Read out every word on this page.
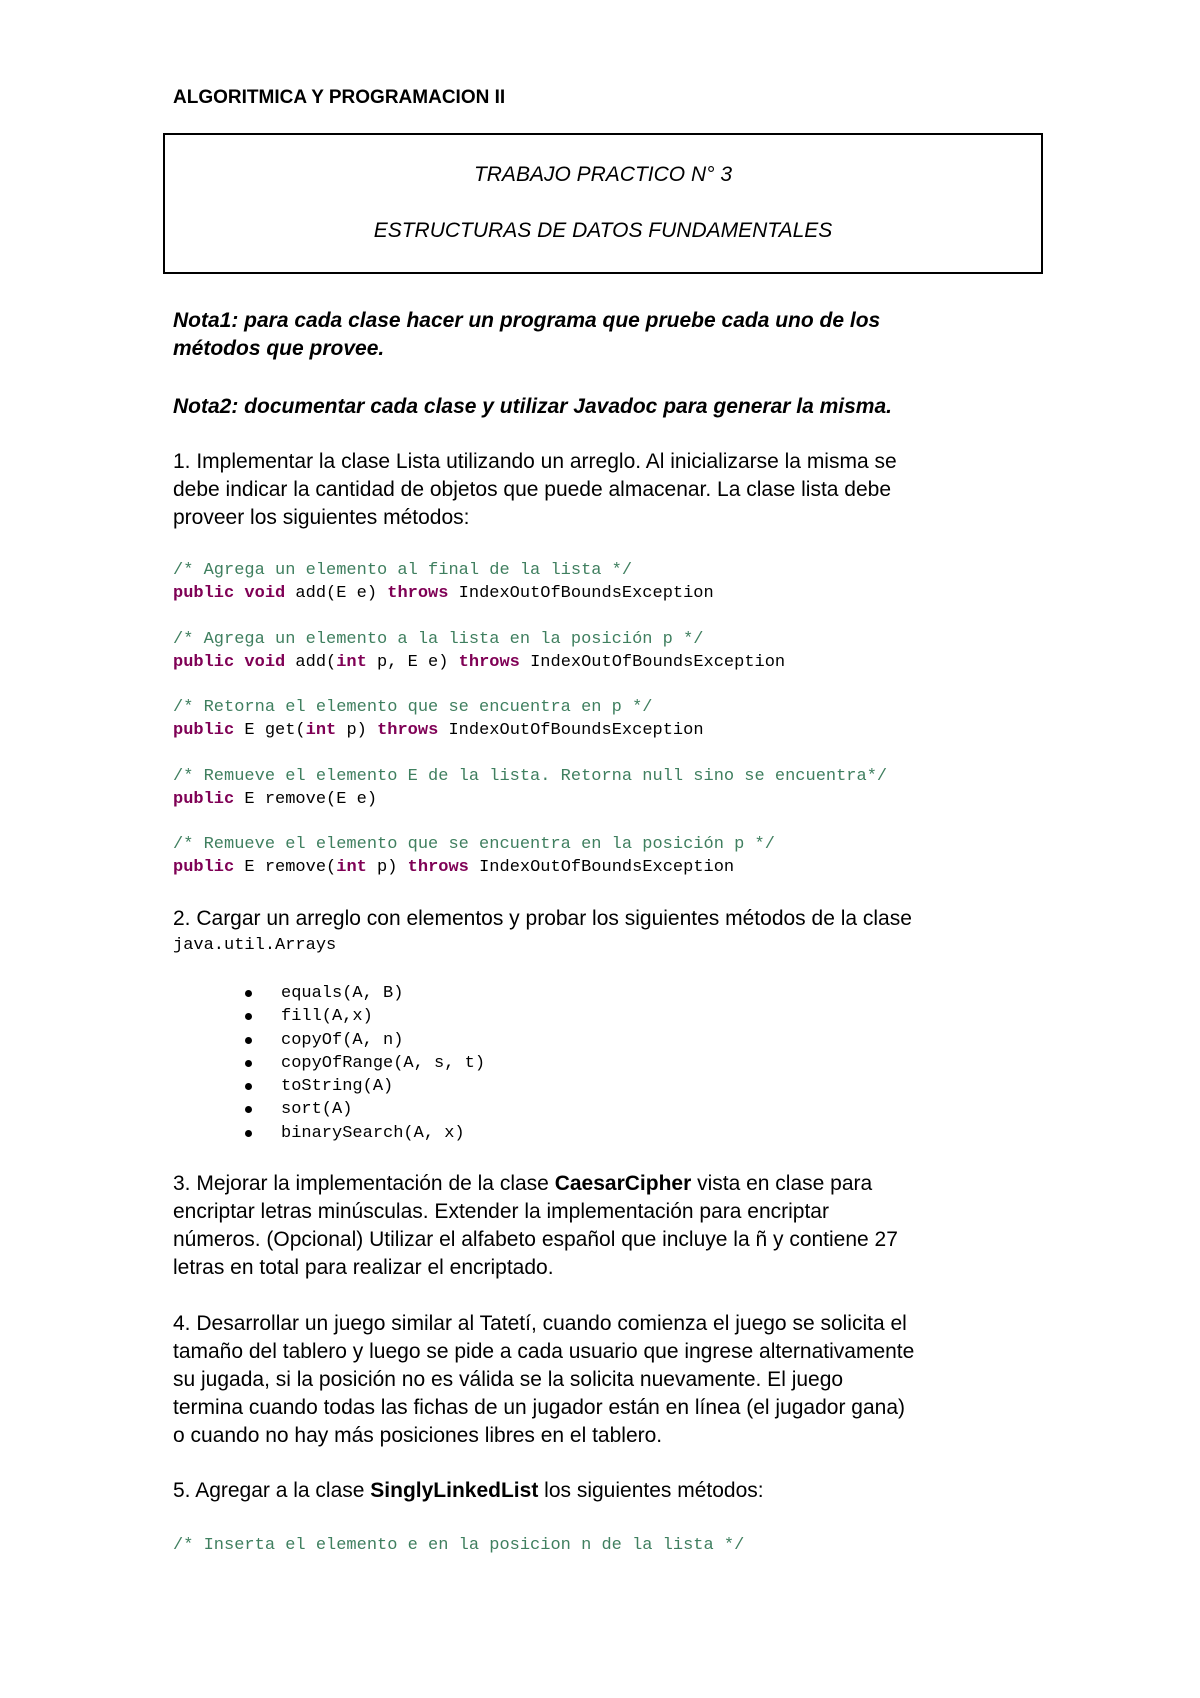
ALGORITMICA Y PROGRAMACION II
TRABAJO PRACTICO N° 3
ESTRUCTURAS DE DATOS FUNDAMENTALES
Nota1: para cada clase hacer un programa que pruebe cada uno de los
métodos que provee.
Nota2: documentar cada clase y utilizar Javadoc para generar la misma.
1. Implementar la clase Lista utilizando un arreglo. Al inicializarse la misma se
debe indicar la cantidad de objetos que puede almacenar. La clase lista debe
proveer los siguientes métodos:
/* Agrega un elemento al final de la lista */
public void add(E e) throws IndexOutOfBoundsException
/* Agrega un elemento a la lista en la posición p */
public void add(int p, E e) throws IndexOutOfBoundsException
/* Retorna el elemento que se encuentra en p */
public E get(int p) throws IndexOutOfBoundsException
/* Remueve el elemento E de la lista. Retorna null sino se encuentra*/
public E remove(E e)
/* Remueve el elemento que se encuentra en la posición p */
public E remove(int p) throws IndexOutOfBoundsException
2. Cargar un arreglo con elementos y probar los siguientes métodos de la clase
java.util.Arrays
equals(A, B)
fill(A,x)
copyOf(A, n)
copyOfRange(A, s, t)
toString(A)
sort(A)
binarySearch(A, x)
3. Mejorar la implementación de la clase CaesarCipher vista en clase para
encriptar letras minúsculas. Extender la implementación para encriptar
números. (Opcional) Utilizar el alfabeto español que incluye la ñ y contiene 27
letras en total para realizar el encriptado.
4. Desarrollar un juego similar al Tatetí, cuando comienza el juego se solicita el
tamaño del tablero y luego se pide a cada usuario que ingrese alternativamente
su jugada, si la posición no es válida se la solicita nuevamente. El juego
termina cuando todas las fichas de un jugador están en línea (el jugador gana)
o cuando no hay más posiciones libres en el tablero.
5. Agregar a la clase SinglyLinkedList los siguientes métodos:
/* Inserta el elemento e en la posicion n de la lista */
